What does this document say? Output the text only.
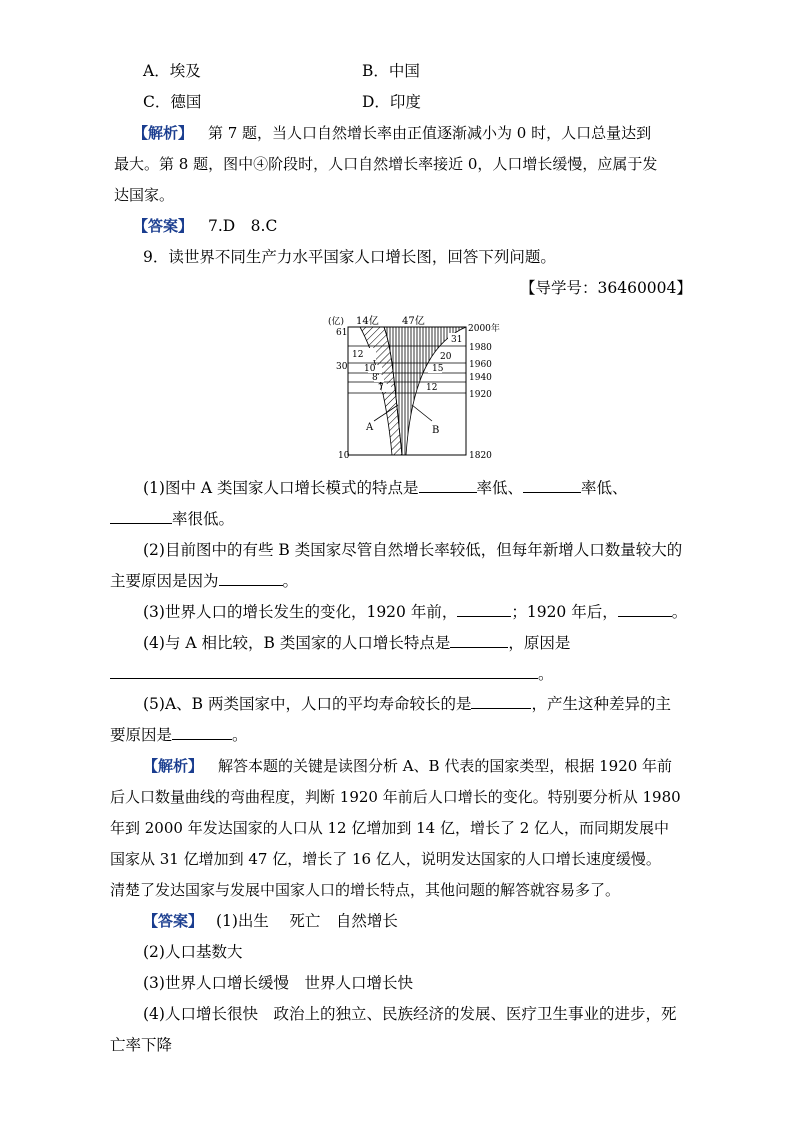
A．埃及	B．中国
C．德国	D．印度
【解析】 第 7 题，当人口自然增长率由正值逐渐减小为 0 时，人口总量达到
最大。第 8 题，图中④阶段时，人口自然增长率接近 0，人口增长缓慢，应属于发
达国家。
【答案】 7.D　8.C
9．读世界不同生产力水平国家人口增长图，回答下列问题。
【导学号：36460004】
(亿) 14亿 47亿
61
30
10
12
10
8
7
31
20
15
12
2000年
1980
1960
1940
1920
1820
A	B
(1)图中 A 类国家人口增长模式的特点是	率低、	率低、
率很低。
(2)目前图中的有些 B 类国家尽管自然增长率较低，但每年新增人口数量较大的
主要原因是因为	。
(3)世界人口的增长发生的变化，1920 年前，	；1920 年后，	。
(4)与 A 相比较，B 类国家的人口增长特点是	，原因是
。
(5)A、B 两类国家中，人口的平均寿命较长的是	，产生这种差异的主
要原因是	。
【解析】 解答本题的关键是读图分析 A、B 代表的国家类型，根据 1920 年前
后人口数量曲线的弯曲程度，判断 1920 年前后人口增长的变化。特别要分析从 1980
年到 2000 年发达国家的人口从 12 亿增加到 14 亿，增长了 2 亿人，而同期发展中
国家从 31 亿增加到 47 亿，增长了 16 亿人，说明发达国家的人口增长速度缓慢。
清楚了发达国家与发展中国家人口的增长特点，其他问题的解答就容易多了。
【答案】 (1)出生　 死亡　自然增长
(2)人口基数大
(3)世界人口增长缓慢　世界人口增长快
(4)人口增长很快　政治上的独立、民族经济的发展、医疗卫生事业的进步，死
亡率下降
